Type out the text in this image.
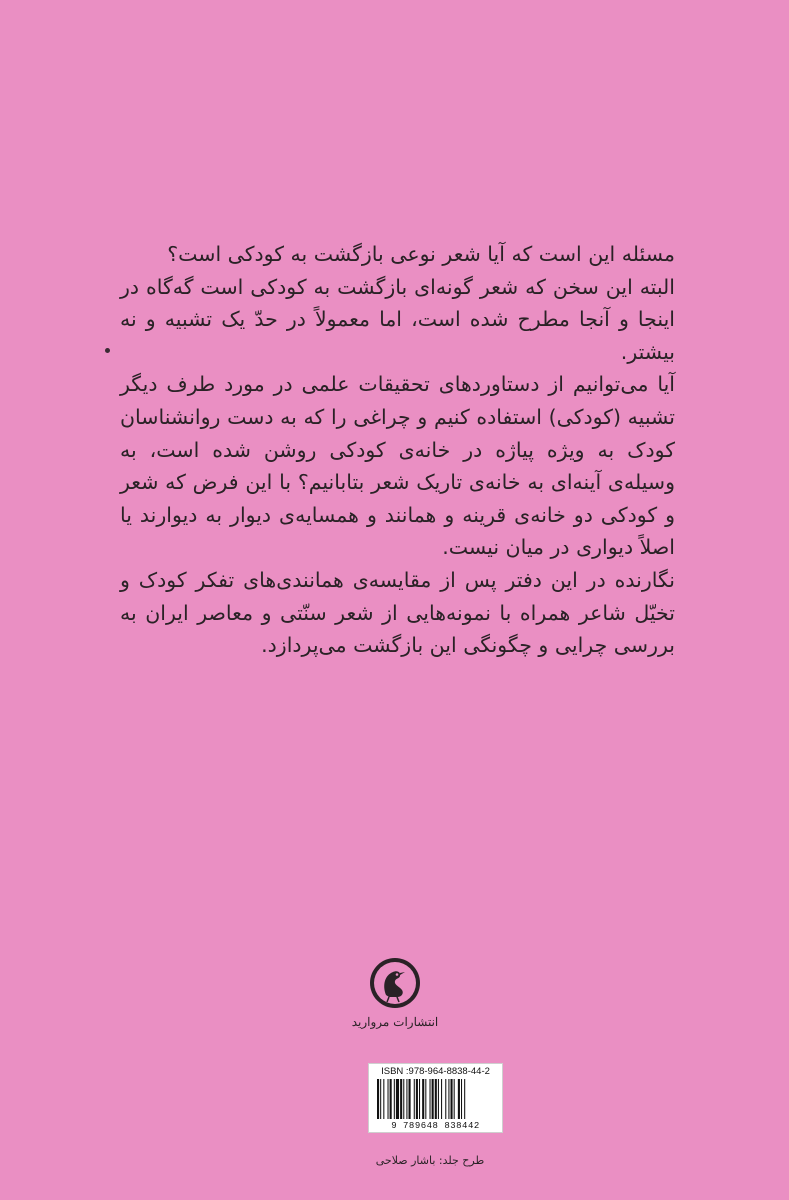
مسئله این است که آیا شعر نوعی بازگشت به کودکی است؟

البته این سخن که شعر گونه‌ای بازگشت به کودکی است گه‌گاه در اینجا و آنجا مطرح شده است، اما معمولاً در حدّ یک تشبیه و نه بیشتر.

آیا می‌توانیم از دستاوردهای تحقیقات علمی در مورد طرف دیگر تشبیه (کودکی) استفاده کنیم و چراغی را که به دست روانشناسان کودک به ویژه پیاژه در خانه‌ی کودکی روشن شده است، به وسیله‌ی آینه‌ای به خانه‌ی تاریک شعر بتابانیم؟ با این فرض که شعر و کودکی دو خانه‌ی قرینه و همانند و همسایه‌ی دیوار به دیوارند یا اصلاً دیواری در میان نیست.

نگارنده در این دفتر پس از مقایسه‌ی همانندی‌های تفکر کودک و تخیّل شاعر همراه با نمونه‌هایی از شعر سنّتی و معاصر ایران به بررسی چرایی و چگونگی این بازگشت می‌پردازد.

انتشارات مروارید
ISBN :978-964-8838-44-2
9 789648 838442
طرح جلد: باشار صلاحی
